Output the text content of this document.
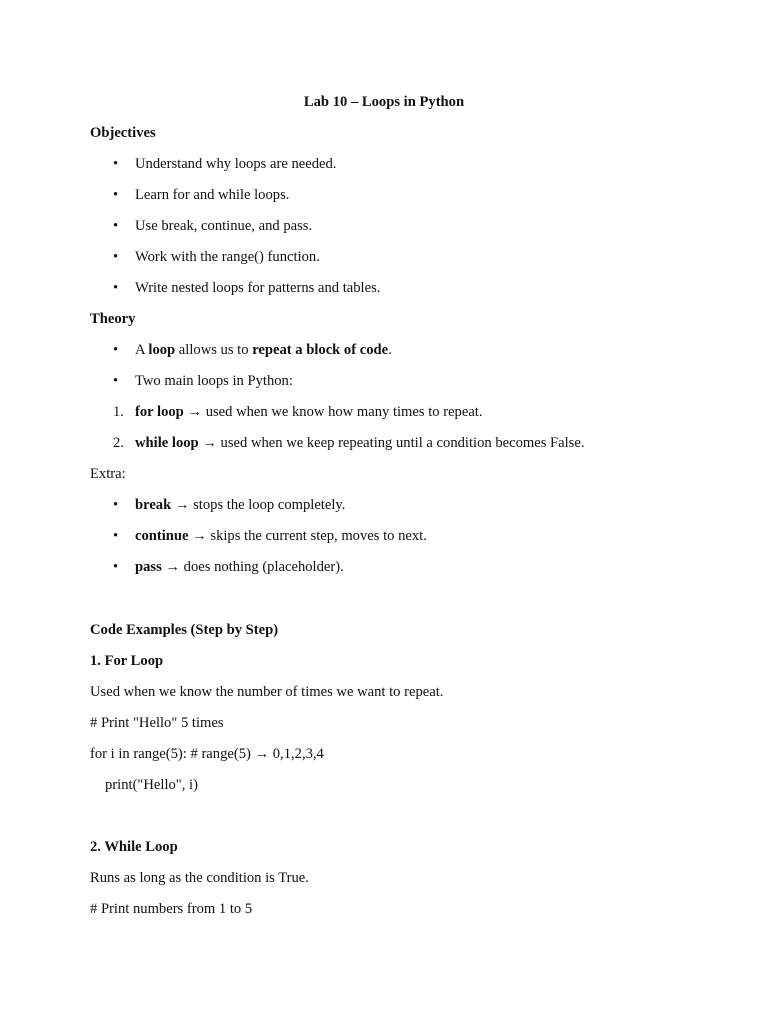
Lab 10 – Loops in Python
Objectives
• Understand why loops are needed.
• Learn for and while loops.
• Use break, continue, and pass.
• Work with the range() function.
• Write nested loops for patterns and tables.
Theory
• A loop allows us to repeat a block of code.
• Two main loops in Python:
1. for loop → used when we know how many times to repeat.
2. while loop → used when we keep repeating until a condition becomes False.
Extra:
• break → stops the loop completely.
• continue → skips the current step, moves to next.
• pass → does nothing (placeholder).
Code Examples (Step by Step)
1. For Loop
Used when we know the number of times we want to repeat.
# Print "Hello" 5 times
for i in range(5): # range(5) → 0,1,2,3,4
print("Hello", i)
2. While Loop
Runs as long as the condition is True.
# Print numbers from 1 to 5
